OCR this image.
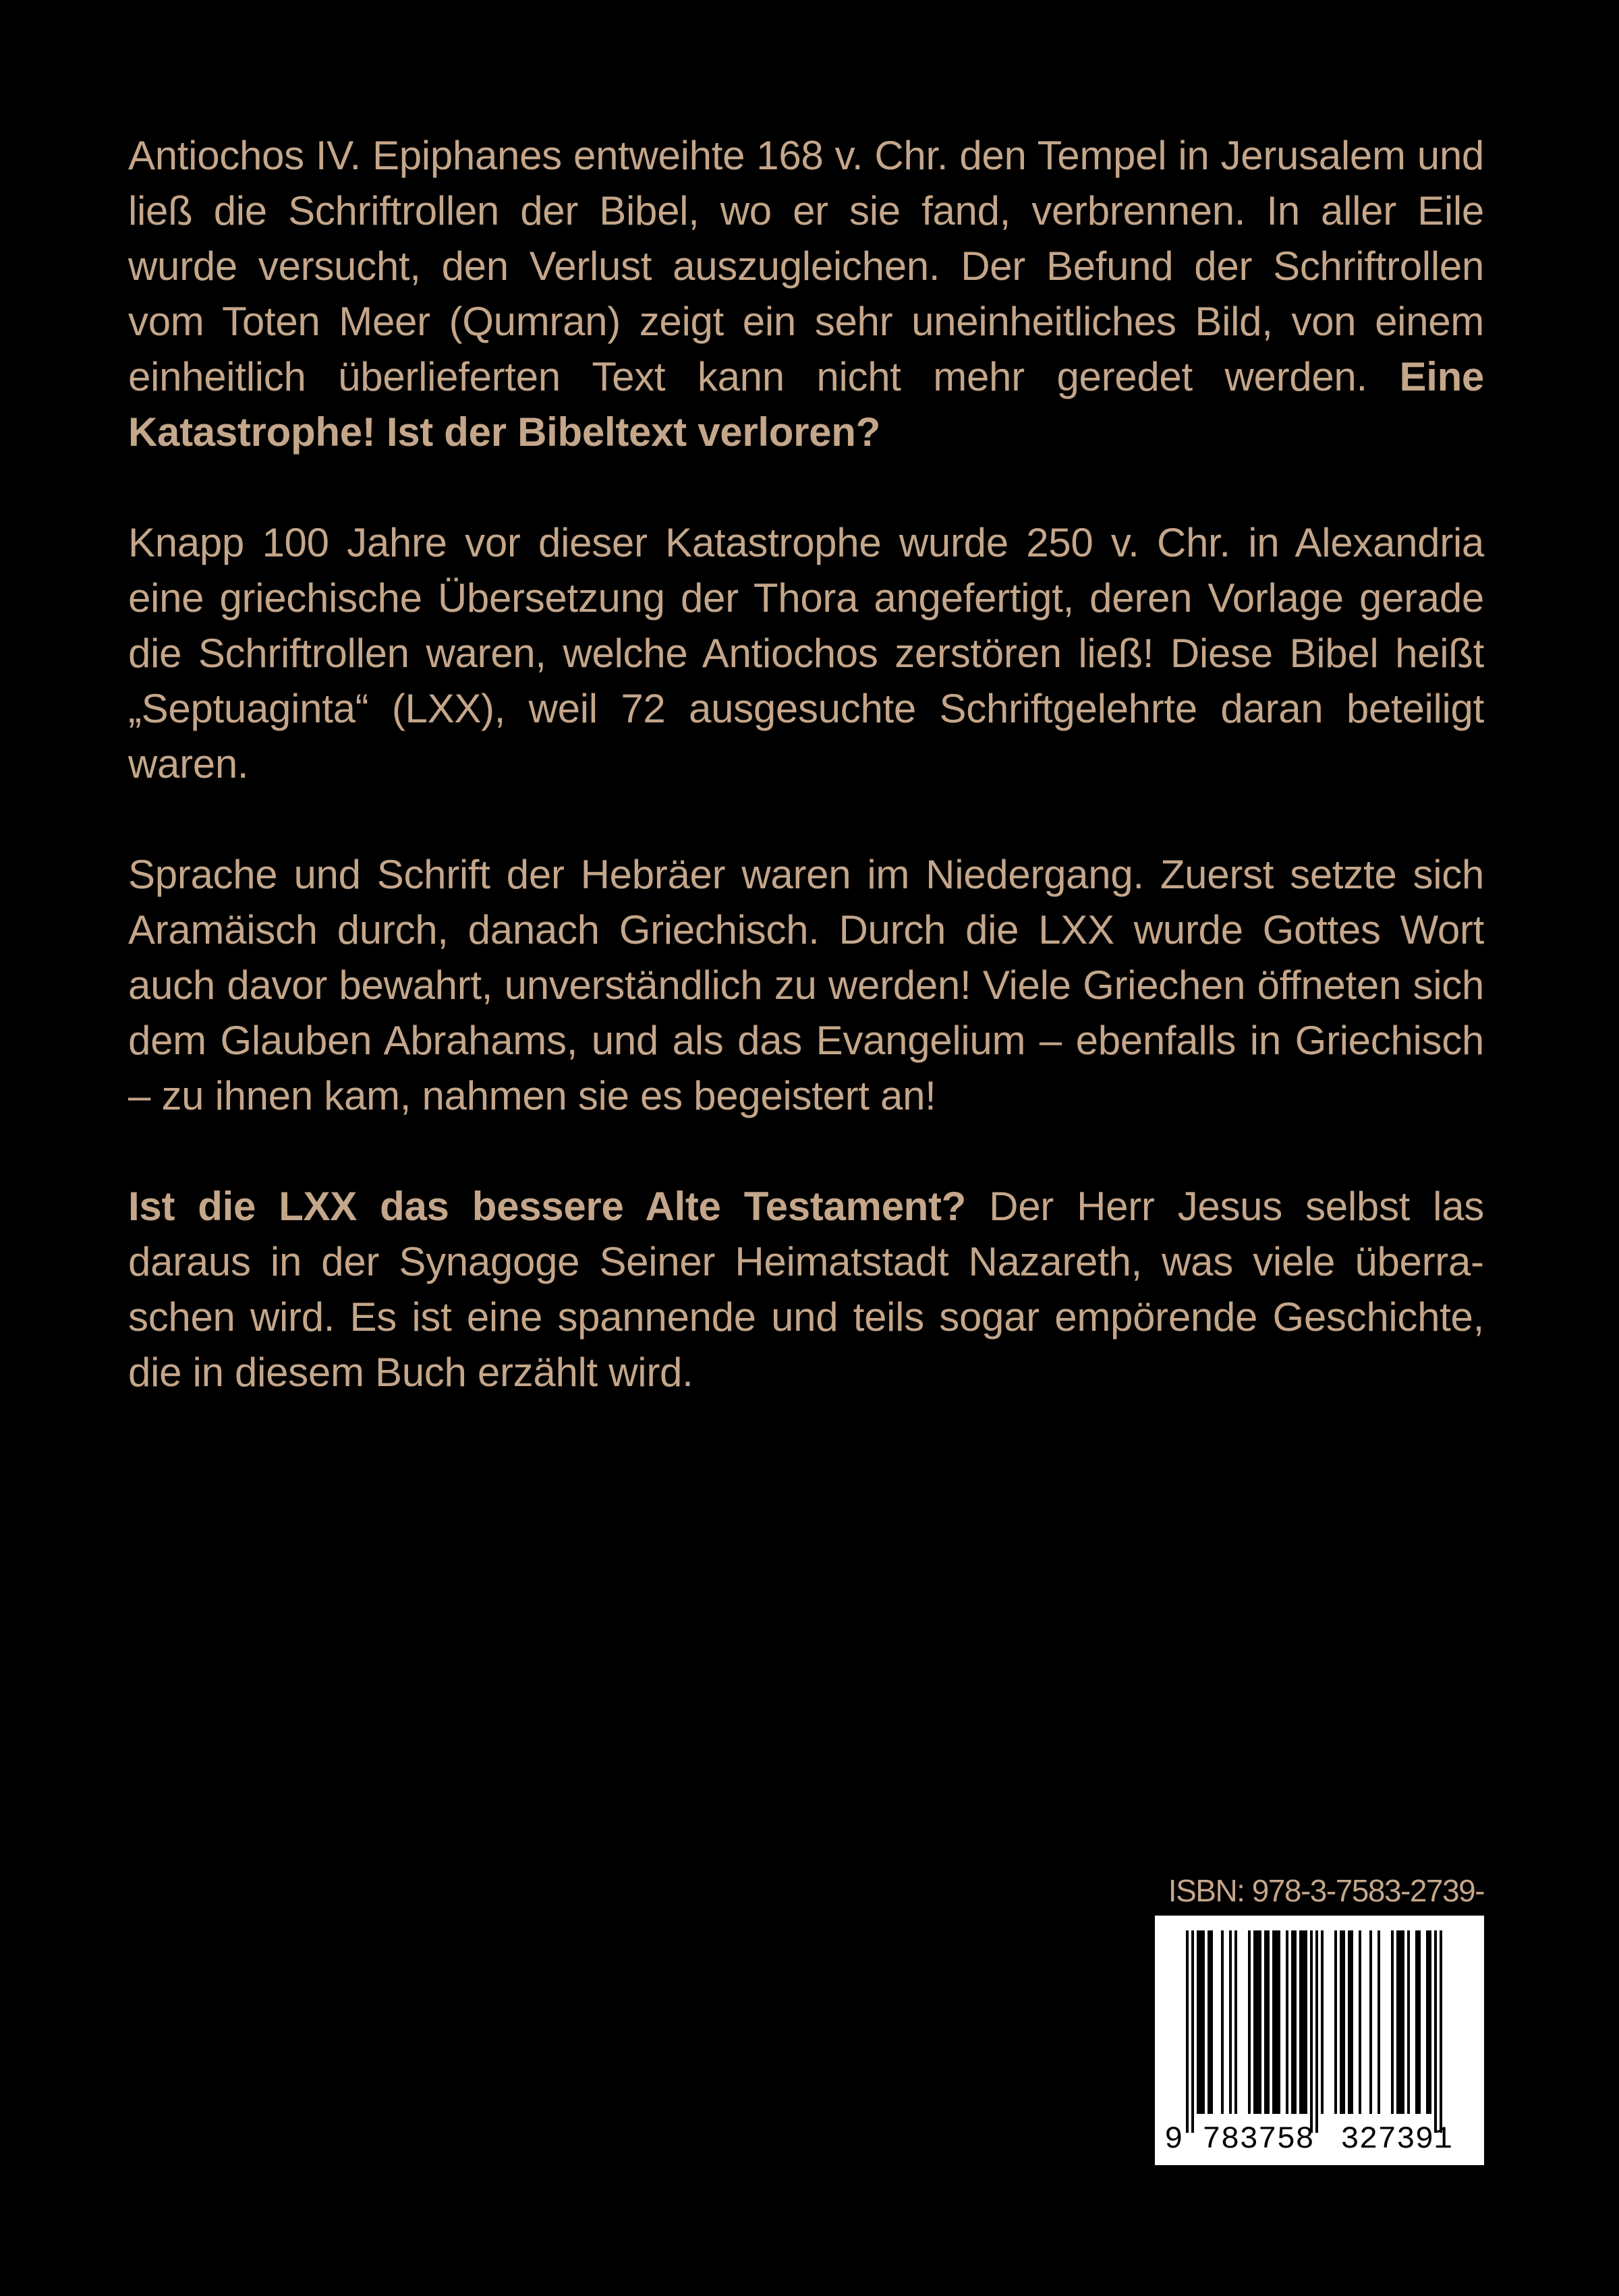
Antiochos IV. Epiphanes entweihte 168 v. Chr. den Tempel in Jerusalem und ließ die Schriftrollen der Bibel, wo er sie fand, verbrennen. In aller Eile wurde versucht, den Verlust auszugleichen. Der Befund der Schriftrollen vom Toten Meer (Qumran) zeigt ein sehr uneinheitliches Bild, von einem einheitlich überlieferten Text kann nicht mehr geredet werden. Eine Katastrophe! Ist der Bibeltext verloren?

Knapp 100 Jahre vor dieser Katastrophe wurde 250 v. Chr. in Alexandria eine griechische Übersetzung der Thora angefertigt, deren Vorlage gerade die Schriftrollen waren, welche Antiochos zerstören ließ! Diese Bibel heißt „Septuaginta“ (LXX), weil 72 ausgesuchte Schriftgelehrte daran beteiligt waren.

Sprache und Schrift der Hebräer waren im Niedergang. Zuerst setzte sich Aramäisch durch, danach Griechisch. Durch die LXX wurde Gottes Wort auch davor bewahrt, unverständlich zu werden! Viele Griechen öffneten sich dem Glauben Abrahams, und als das Evangelium – ebenfalls in Griechisch – zu ihnen kam, nahmen sie es begeistert an!

Ist die LXX das bessere Alte Testament? Der Herr Jesus selbst las daraus in der Synagoge Seiner Heimatstadt Nazareth, was viele überraschen wird. Es ist eine spannende und teils sogar empörende Geschichte, die in diesem Buch erzählt wird.

ISBN: 978-3-7583-2739-
9 783758 327391
